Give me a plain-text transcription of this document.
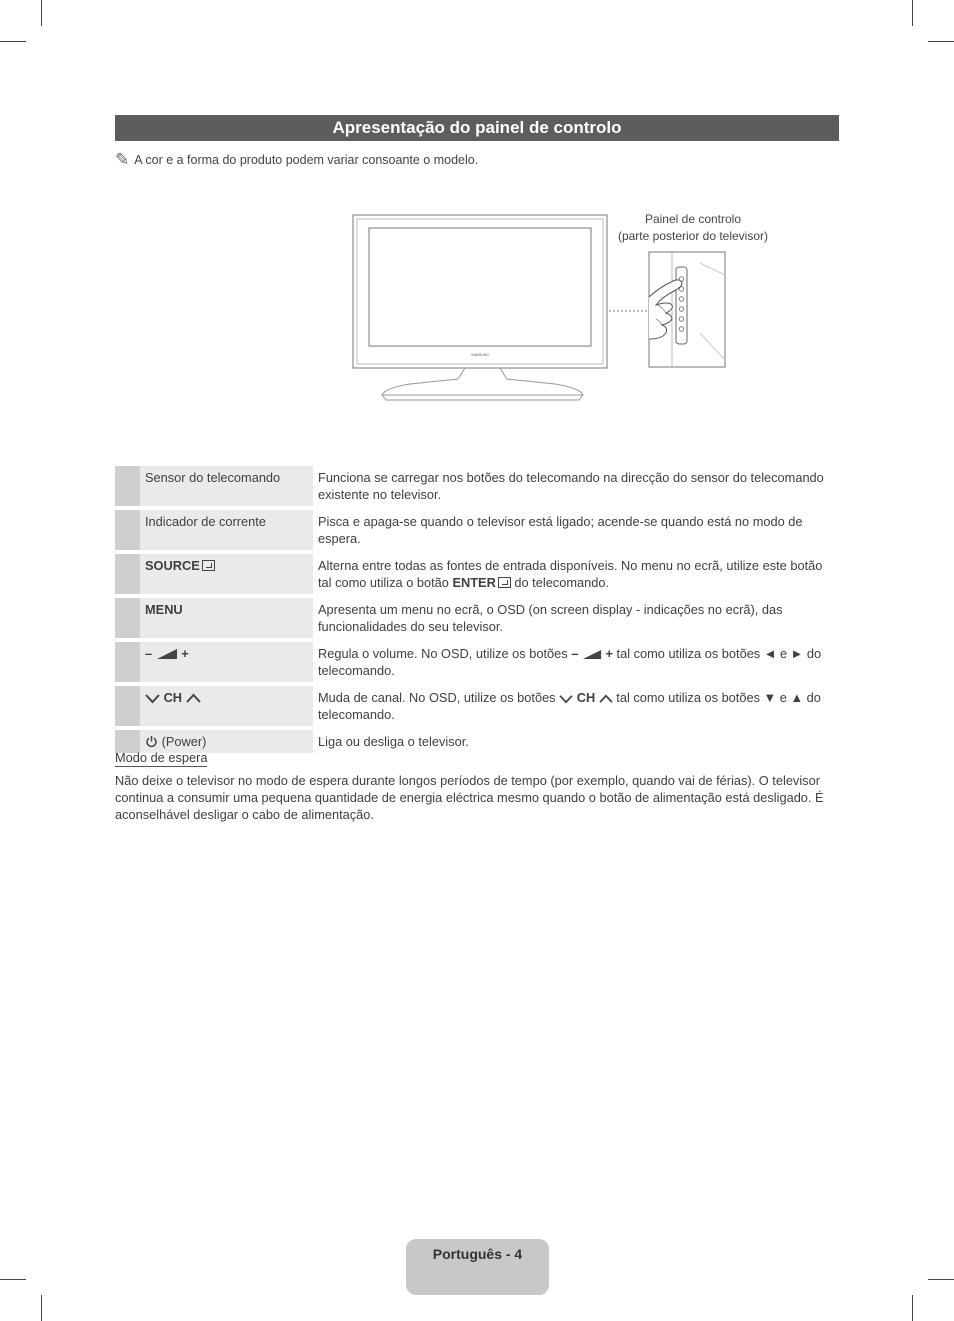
Apresentação do painel de controlo
✎ A cor e a forma do produto podem variar consoante o modelo.
SAMSUNG
Painel de controlo
(parte posterior do televisor)
	Sensor do telecomando	Funciona se carregar nos botões do telecomando na direcção do sensor do telecomando existente no televisor.
	Indicador de corrente	Pisca e apaga-se quando o televisor está ligado; acende-se quando está no modo de espera.
	SOURCE	Alterna entre todas as fontes de entrada disponíveis. No menu no ecrã, utilize este botão tal como utiliza o botão ENTER do telecomando.
	MENU	Apresenta um menu no ecrã, o OSD (on screen display - indicações no ecrã), das funcionalidades do seu televisor.
	– +	Regula o volume. No OSD, utilize os botões – + tal como utiliza os botões ◄ e ► do telecomando.
	CH	Muda de canal. No OSD, utilize os botões  CH  tal como utiliza os botões ▼ e ▲ do telecomando.
	(Power)	Liga ou desliga o televisor.
Modo de espera
Não deixe o televisor no modo de espera durante longos períodos de tempo (por exemplo, quando vai de férias). O televisor continua a consumir uma pequena quantidade de energia eléctrica mesmo quando o botão de alimentação está desligado. É aconselhável desligar o cabo de alimentação.
Português - 4
